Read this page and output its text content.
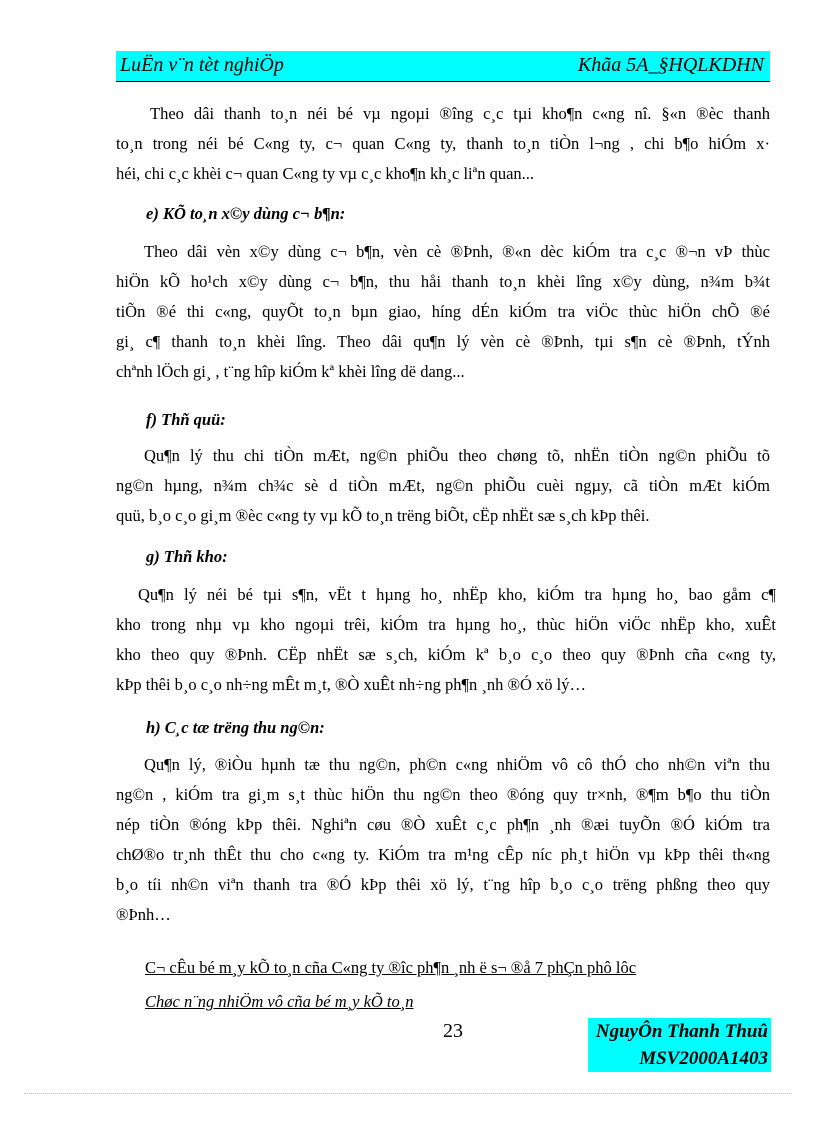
LuËn v¨n tèt nghiÖp	Khãa 5A_§HQLKDHN
Theo dâi thanh to¸n néi bé vµ ngoµi ®îng c¸c tµi kho¶n c«ng nî. §«n ®èc thanh
to¸n trong néi bé C«ng ty, c¬ quan C«ng ty, thanh to¸n tiÒn l¬ng , chi b¶o hiÓm x·
héi, chi c¸c khèi c¬ quan C«ng ty vµ c¸c kho¶n kh¸c liªn quan...
e) KÕ to¸n x©y dùng c¬ b¶n:
Theo dâi vèn x©y dùng c¬ b¶n, vèn cè ®Þnh, ®«n dèc kiÓm tra c¸c ®¬n vÞ thùc
hiÖn kÕ ho¹ch x©y dùng c¬ b¶n, thu håi thanh to¸n khèi lîng x©y dùng, n¾m b¾t
tiÕn ®é thi c«ng, quyÕt to¸n bµn giao, híng dÉn kiÓm tra viÖc thùc hiÖn chÕ ®é
gi¸ c¶ thanh to¸n khèi lîng. Theo dâi qu¶n lý vèn cè ®Þnh, tµi s¶n cè ®Þnh, tÝnh
chªnh lÖch gi¸ , t¨ng hîp kiÓm kª khèi lîng dë dang...
f) Thñ quü:
Qu¶n lý thu chi tiÒn mÆt, ng©n phiÕu theo chøng tõ, nhËn tiÒn ng©n phiÕu tõ
ng©n hµng, n¾m ch¾c sè d tiÒn mÆt, ng©n phiÕu cuèi ngµy, cã tiÒn mÆt kiÓm
quü, b¸o c¸o gi¸m ®èc c«ng ty vµ kÕ to¸n trëng biÕt, cËp nhËt sæ s¸ch kÞp thêi.
g) Thñ kho:
Qu¶n lý néi bé tµi s¶n, vËt t hµng ho¸ nhËp kho, kiÓm tra hµng ho¸ bao gåm c¶
kho trong nhµ vµ kho ngoµi trêi, kiÓm tra hµng ho¸, thùc hiÖn viÖc nhËp kho, xuÊt
kho theo quy ®Þnh. CËp nhËt sæ s¸ch, kiÓm kª b¸o c¸o theo quy ®Þnh cña c«ng ty,
kÞp thêi b¸o c¸o nh÷ng mÊt m¸t, ®Ò xuÊt nh÷ng ph¶n ¸nh ®Ó xö lý…
h) C¸c tæ trëng thu ng©n:
Qu¶n lý, ®iÒu hµnh tæ thu ng©n, ph©n c«ng nhiÖm vô cô thÓ cho nh©n viªn thu
ng©n , kiÓm tra gi¸m s¸t thùc hiÖn thu ng©n theo ®óng quy tr×nh, ®¶m b¶o thu tiÒn
nép tiÒn ®óng kÞp thêi. Nghiªn cøu ®Ò xuÊt c¸c ph¶n ¸nh ®æi tuyÕn ®Ó kiÓm tra
chØ®o tr¸nh thÊt thu cho c«ng ty. KiÓm tra m¹ng cÊp níc ph¸t hiÖn vµ kÞp thêi th«ng
b¸o tíi nh©n viªn thanh tra ®Ó kÞp thêi xö lý, t¨ng hîp b¸o c¸o trëng phßng theo quy
®Þnh…
C¬ cÊu bé m¸y kÕ to¸n cña C«ng ty ®îc ph¶n ¸nh ë s¬ ®å 7 phÇn phô lôc
Chøc n¨ng nhiÖm vô cña bé m¸y kÕ to¸n
23	NguyÔn Thanh Thuû
MSV2000A1403
